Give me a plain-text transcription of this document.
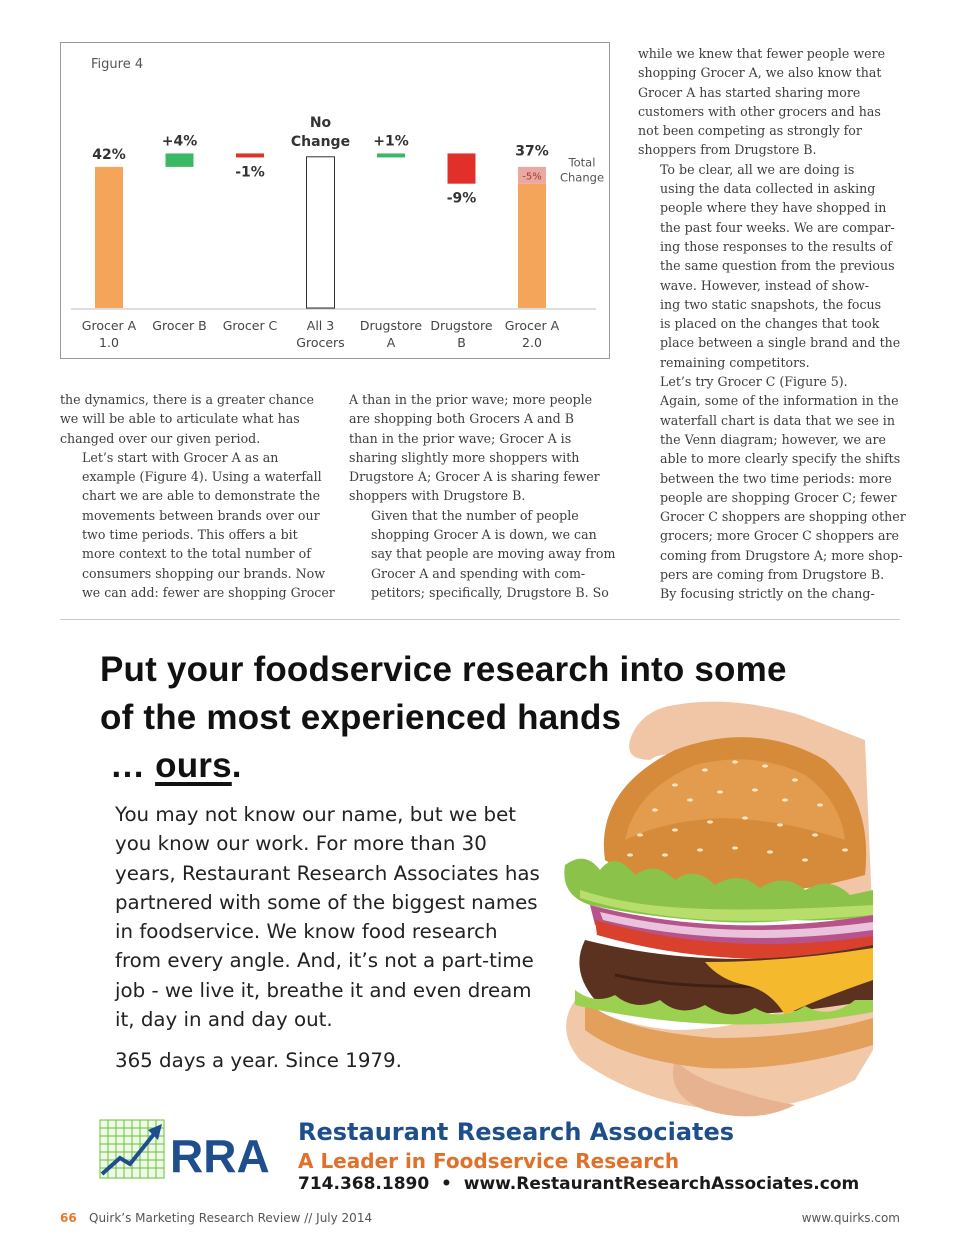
Figure 4
42%
Grocer A
1.0
+4%
Grocer B
-1%
Grocer C
No
Change
All 3
Grocers
+1%
Drugstore
A
-9%
Drugstore
B
37%
Grocer A
2.0
-5%
Total
Change

the dynamics, there is a greater chance
we will be able to articulate what has
changed over our given period.

Let’s start with Grocer A as an
example (Figure 4). Using a waterfall
chart we are able to demonstrate the
movements between brands over our
two time periods. This offers a bit
more context to the total number of
consumers shopping our brands. Now
we can add: fewer are shopping Grocer

A than in the prior wave; more people
are shopping both Grocers A and B
than in the prior wave; Grocer A is
sharing slightly more shoppers with
Drugstore A; Grocer A is sharing fewer
shoppers with Drugstore B.

Given that the number of people
shopping Grocer A is down, we can
say that people are moving away from
Grocer A and spending with com-
petitors; specifically, Drugstore B. So

while we knew that fewer people were
shopping Grocer A, we also know that
Grocer A has started sharing more
customers with other grocers and has
not been competing as strongly for
shoppers from Drugstore B.

To be clear, all we are doing is
using the data collected in asking
people where they have shopped in
the past four weeks. We are compar-
ing those responses to the results of
the same question from the previous
wave. However, instead of show-
ing two static snapshots, the focus
is placed on the changes that took
place between a single brand and the
remaining competitors.

Let’s try Grocer C (Figure 5).
Again, some of the information in the
waterfall chart is data that we see in
the Venn diagram; however, we are
able to more clearly specify the shifts
between the two time periods: more
people are shopping Grocer C; fewer
Grocer C shoppers are shopping other
grocers; more Grocer C shoppers are
coming from Drugstore A; more shop-
pers are coming from Drugstore B.

By focusing strictly on the chang-

Put your foodservice research into some
of the most experienced hands
… ours.
You may not know our name, but we bet
you know our work. For more than 30
years, Restaurant Research Associates has
partnered with some of the biggest names
in foodservice. We know food research
from every angle. And, it’s not a part-time
job - we live it, breathe it and even dream
it, day in and day out.
365 days a year. Since 1979.
RRA Restaurant Research Associates
A Leader in Foodservice Research
714.368.1890 • www.RestaurantResearchAssociates.com
66 Quirk’s Marketing Research Review // July 2014	www.quirks.com
